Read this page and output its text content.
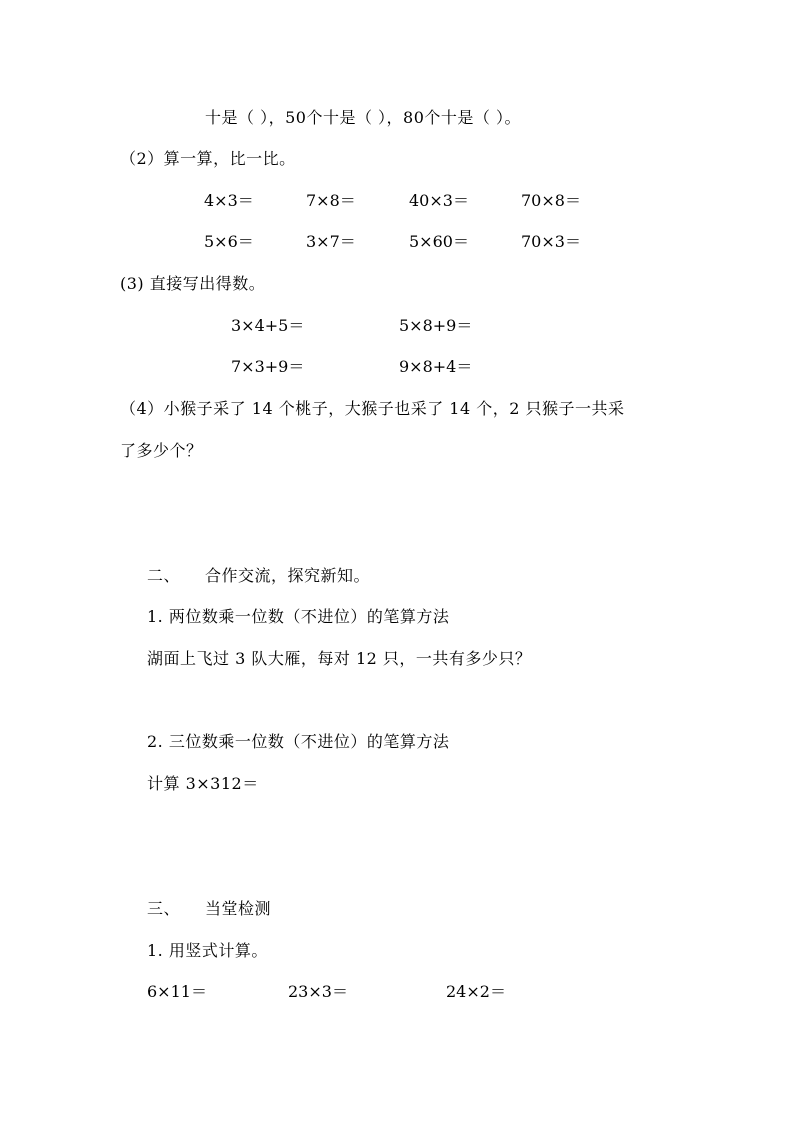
十是（ ），50个十是（ ），80个十是（ ）。
（2）算一算，比一比。
4×3＝	7×8＝	40×3＝	70×8＝
5×6＝	3×7＝	5×60＝	70×3＝
(3) 直接写出得数。
3×4+5＝	5×8+9＝
7×3+9＝	9×8+4＝
（4）小猴子采了 14 个桃子，大猴子也采了 14 个，2 只猴子一共采
了多少个？
二、 合作交流，探究新知。
1. 两位数乘一位数（不进位）的笔算方法
湖面上飞过 3 队大雁，每对 12 只，一共有多少只？
2. 三位数乘一位数（不进位）的笔算方法
计算 3×312＝
三、 当堂检测
1. 用竖式计算。
6×11＝	23×3＝	24×2＝
